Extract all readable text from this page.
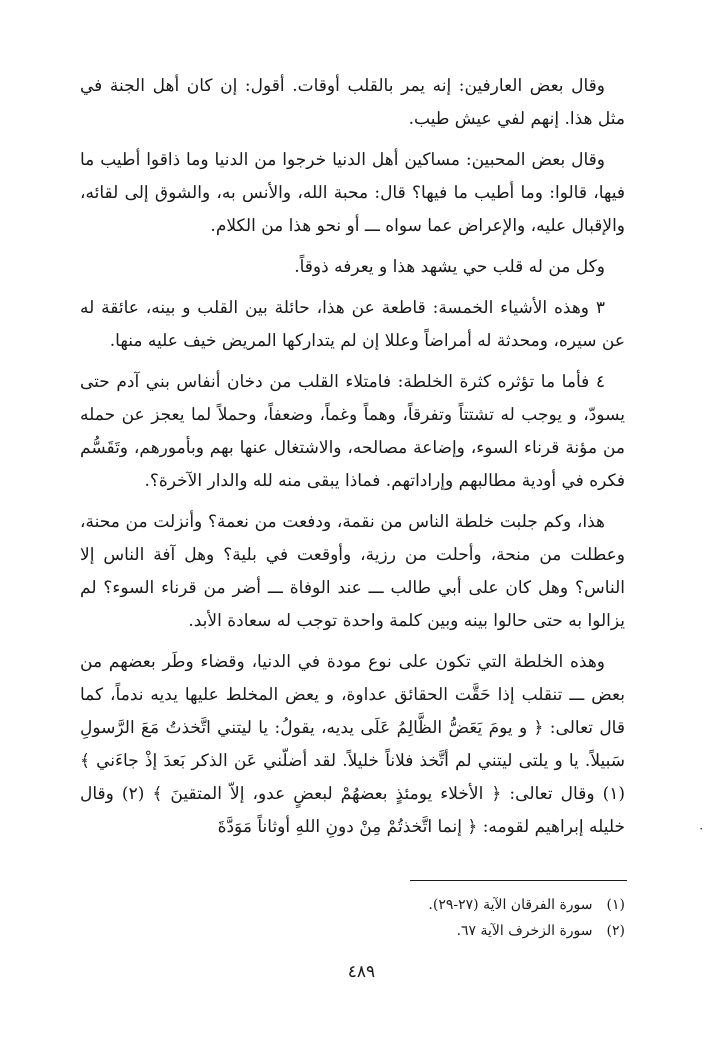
وقال بعض العارفين: إنه يمر بالقلب أوقات. أقول: إن كان أهل الجنة في مثل هذا. إنهم لفي عيش طيب.

وقال بعض المحبين: مساكين أهل الدنيا خرجوا من الدنيا وما ذاقوا أطيب ما فيها، قالوا: وما أطيب ما فيها؟ قال: محبة الله، والأنس به، والشوق إلى لقائه، والإقبال عليه، والإعراض عما سواه ـــ أو نحو هذا من الكلام.

وكل من له قلب حي يشهد هذا و يعرفه ذوقاً.

٣ وهذه الأشياء الخمسة: قاطعة عن هذا، حائلة بين القلب و بينه، عائقة له عن سيره، ومحدثة له أمراضاً وعللا إن لم يتداركها المريض خيف عليه منها.

٤ فأما ما تؤثره كثرة الخلطة: فامتلاء القلب من دخان أنفاس بني آدم حتى يسودّ، و يوجب له تشتتاً وتفرقاً، وهماً وغماً، وضعفاً، وحملاً لما يعجز عن حمله من مؤنة قرناء السوء، وإضاعة مصالحه، والاشتغال عنها بهم وبأمورهم، وتَقَسُّم فكره في أودية مطالبهم وإراداتهم. فماذا يبقى منه لله والدار الآخرة؟.

هذا، وكم جلبت خلطة الناس من نقمة، ودفعت من نعمة؟ وأنزلت من محنة، وعطلت من منحة، وأحلت من رزية، وأوقعت في بلية؟ وهل آفة الناس إلا الناس؟ وهل كان على أبي طالب ـــ عند الوفاة ـــ أضر من قرناء السوء؟ لم يزالوا به حتى حالوا بينه وبين كلمة واحدة توجب له سعادة الأبد.

وهذه الخلطة التي تكون على نوع مودة في الدنيا، وقضاء وطَر بعضهم من بعض ـــ تنقلب إذا حَقَّت الحقائق عداوة، و يعض المخلط عليها يديه ندماً، كما قال تعالى: ﴿ و يومَ يَعَضُّ الظَّالِمُ عَلَى يديه، يقولُ: يا ليتني اتَّخذتُ مَعَ الرَّسولِ سَبيلاً. يا و يلتى ليتني لم أتَّخذ فلاناً خليلاً. لقد أضلّني عَن الذكر بَعدَ إذْ جاءَني ﴾ (١) وقال تعالى: ﴿ الأخلاء يومئذٍ بعضهُمْ لبعضٍ عدو، إلاّ المتقينَ ﴾ (٢) وقال خليله إبراهيم لقومه: ﴿ إنما اتَّخذتُمْ مِنْ دونِ اللهِ أوثاناً مَوَدَّةَ	٠

(١)سورة الفرقان الآية (٢٧-٢٩).

(٢)سورة الزخرف الآية ٦٧.

٤٨٩
